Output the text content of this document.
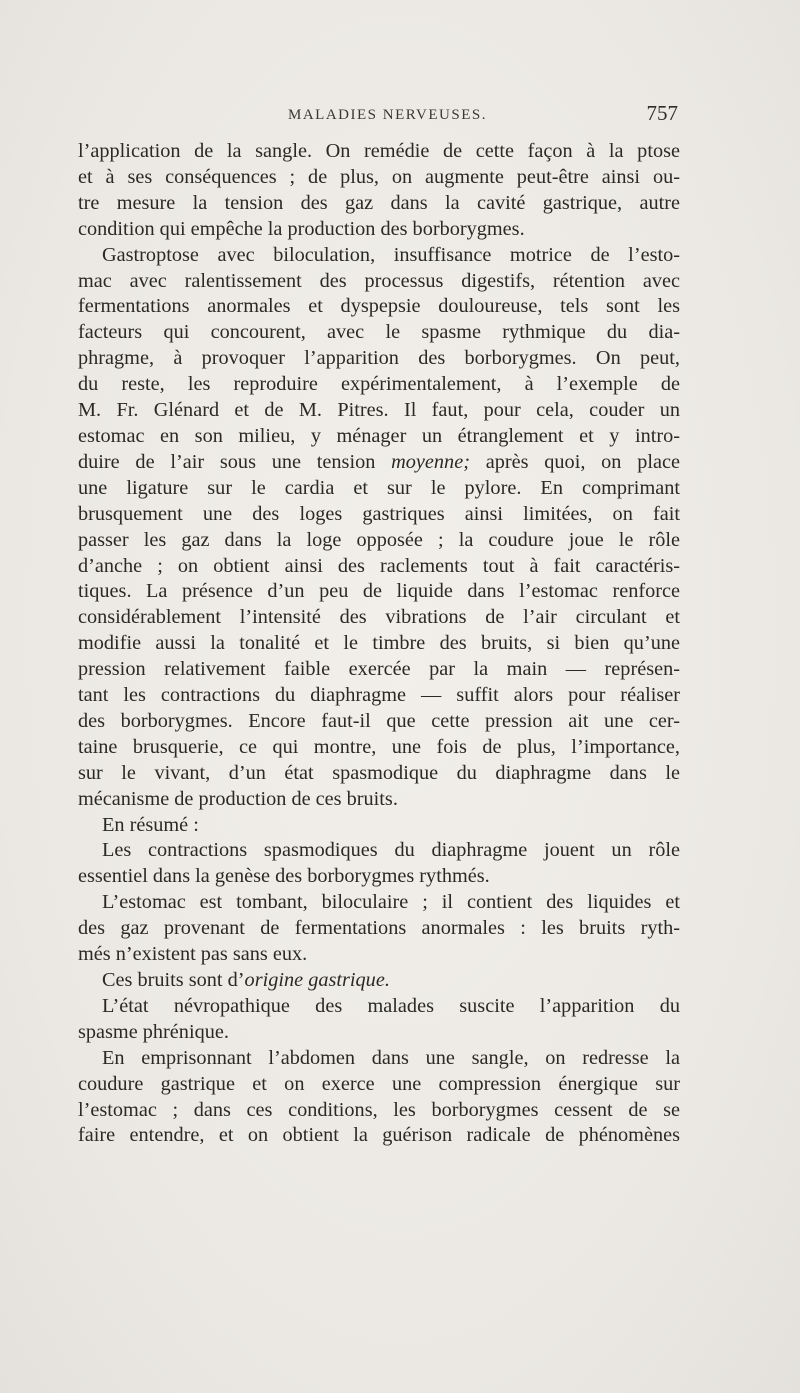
MALADIES NERVEUSES.	757
l’application de la sangle. On remédie de cette façon à la ptose
et à ses conséquences ; de plus, on augmente peut-être ainsi ou-
tre mesure la tension des gaz dans la cavité gastrique, autre
condition qui empêche la production des borborygmes.
Gastroptose avec biloculation, insuffisance motrice de l’esto-
mac avec ralentissement des processus digestifs, rétention avec
fermentations anormales et dyspepsie douloureuse, tels sont les
facteurs qui concourent, avec le spasme rythmique du dia-
phragme, à provoquer l’apparition des borborygmes. On peut,
du reste, les reproduire expérimentalement, à l’exemple de
M. Fr. Glénard et de M. Pitres. Il faut, pour cela, couder un
estomac en son milieu, y ménager un étranglement et y intro-
duire de l’air sous une tension moyenne; après quoi, on place
une ligature sur le cardia et sur le pylore. En comprimant
brusquement une des loges gastriques ainsi limitées, on fait
passer les gaz dans la loge opposée ; la coudure joue le rôle
d’anche ; on obtient ainsi des raclements tout à fait caractéris-
tiques. La présence d’un peu de liquide dans l’estomac renforce
considérablement l’intensité des vibrations de l’air circulant et
modifie aussi la tonalité et le timbre des bruits, si bien qu’une
pression relativement faible exercée par la main — représen-
tant les contractions du diaphragme — suffit alors pour réaliser
des borborygmes. Encore faut-il que cette pression ait une cer-
taine brusquerie, ce qui montre, une fois de plus, l’importance,
sur le vivant, d’un état spasmodique du diaphragme dans le
mécanisme de production de ces bruits.
En résumé :
Les contractions spasmodiques du diaphragme jouent un rôle
essentiel dans la genèse des borborygmes rythmés.
L’estomac est tombant, biloculaire ; il contient des liquides et
des gaz provenant de fermentations anormales : les bruits ryth-
més n’existent pas sans eux.
Ces bruits sont d’origine gastrique.
L’état névropathique des malades suscite l’apparition du
spasme phrénique.
En emprisonnant l’abdomen dans une sangle, on redresse la
coudure gastrique et on exerce une compression énergique sur
l’estomac ; dans ces conditions, les borborygmes cessent de se
faire entendre, et on obtient la guérison radicale de phénomènes
